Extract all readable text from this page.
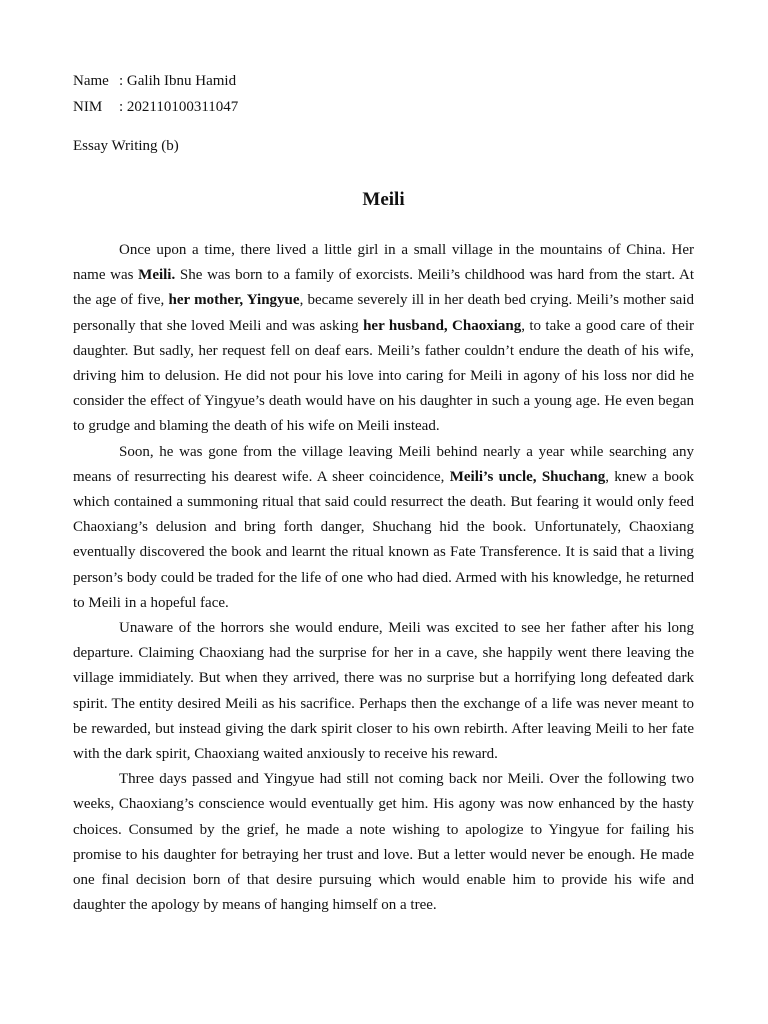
Name : Galih Ibnu Hamid
NIM : 202110100311047
Essay Writing (b)
Meili

Once upon a time, there lived a little girl in a small village in the mountains of China. Her name was Meili. She was born to a family of exorcists. Meili’s childhood was hard from the start. At the age of five, her mother, Yingyue, became severely ill in her death bed crying. Meili’s mother said personally that she loved Meili and was asking her husband, Chaoxiang, to take a good care of their daughter. But sadly, her request fell on deaf ears. Meili’s father couldn’t endure the death of his wife, driving him to delusion. He did not pour his love into caring for Meili in agony of his loss nor did he consider the effect of Yingyue’s death would have on his daughter in such a young age. He even began to grudge and blaming the death of his wife on Meili instead.

Soon, he was gone from the village leaving Meili behind nearly a year while searching any means of resurrecting his dearest wife. A sheer coincidence, Meili’s uncle, Shuchang, knew a book which contained a summoning ritual that said could resurrect the death. But fearing it would only feed Chaoxiang’s delusion and bring forth danger, Shuchang hid the book. Unfortunately, Chaoxiang eventually discovered the book and learnt the ritual known as Fate Transference. It is said that a living person’s body could be traded for the life of one who had died. Armed with his knowledge, he returned to Meili in a hopeful face.

Unaware of the horrors she would endure, Meili was excited to see her father after his long departure. Claiming Chaoxiang had the surprise for her in a cave, she happily went there leaving the village immidiately. But when they arrived, there was no surprise but a horrifying long defeated dark spirit. The entity desired Meili as his sacrifice. Perhaps then the exchange of a life was never meant to be rewarded, but instead giving the dark spirit closer to his own rebirth. After leaving Meili to her fate with the dark spirit, Chaoxiang waited anxiously to receive his reward.

Three days passed and Yingyue had still not coming back nor Meili. Over the following two weeks, Chaoxiang’s conscience would eventually get him. His agony was now enhanced by the hasty choices. Consumed by the grief, he made a note wishing to apologize to Yingyue for failing his promise to his daughter for betraying her trust and love. But a letter would never be enough. He made one final decision born of that desire pursuing which would enable him to provide his wife and daughter the apology by means of hanging himself on a tree.
